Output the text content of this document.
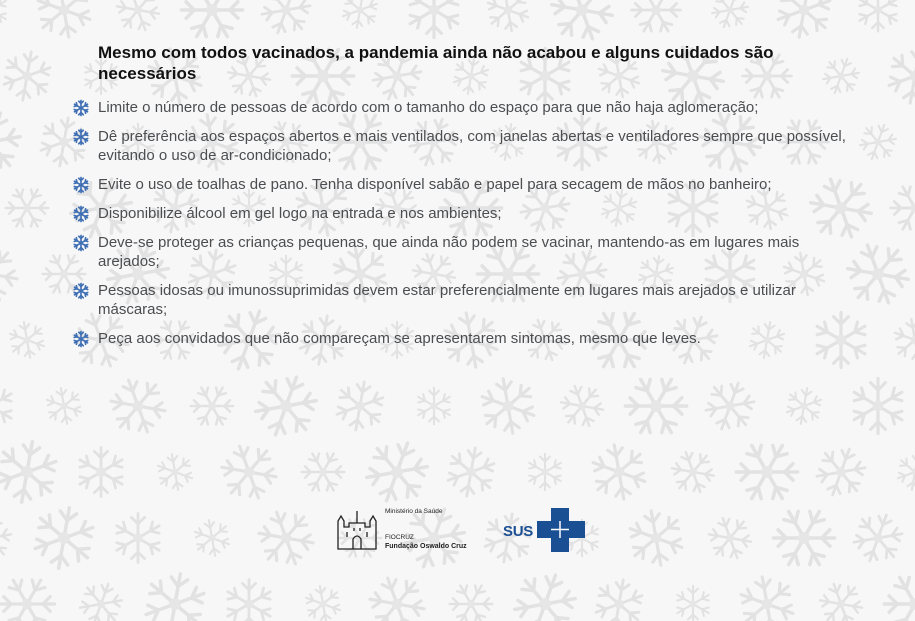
Mesmo com todos vacinados, a pandemia ainda não acabou e alguns cuidados são necessários
Limite o número de pessoas de acordo com o tamanho do espaço para que não haja aglomeração;
Dê preferência aos espaços abertos e mais ventilados, com janelas abertas e ventiladores sempre que possível, evitando o uso de ar-condicionado;
Evite o uso de toalhas de pano. Tenha disponível sabão e papel para secagem de mãos no banheiro;
Disponibilize álcool em gel logo na entrada e nos ambientes;
Deve-se proteger as crianças pequenas, que ainda não podem se vacinar, mantendo-as em lugares mais arejados;
Pessoas idosas ou imunossuprimidas devem estar preferencialmente em lugares mais arejados e utilizar máscaras;
Peça aos convidados que não compareçam se apresentarem sintomas, mesmo que leves.
Ministério da Saúde
FIOCRUZ
Fundação Oswaldo Cruz
SUS
